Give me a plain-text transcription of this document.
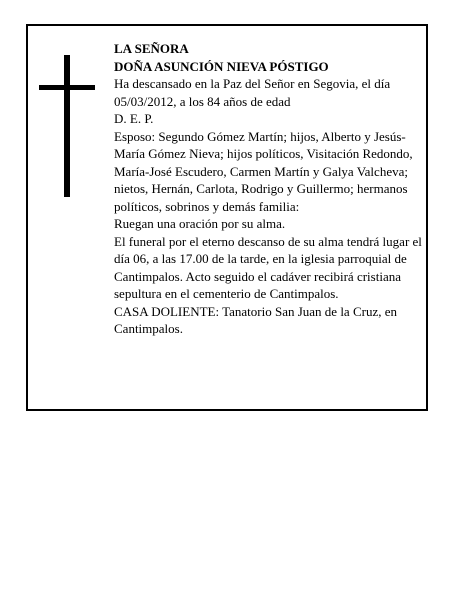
LA SEÑORA

DOÑA ASUNCIÓN NIEVA PÓSTIGO

Ha descansado en la Paz del Señor en Segovia, el día 05/03/2012, a los 84 años de edad

D. E. P.

Esposo: Segundo Gómez Martín; hijos, Alberto y Jesús-María Gómez Nieva; hijos políticos, Visitación Redondo, María-José Escudero, Carmen Martín y Galya Valcheva; nietos, Hernán, Carlota, Rodrigo y Guillermo; hermanos políticos, sobrinos y demás familia:

Ruegan una oración por su alma.

El funeral por el eterno descanso de su alma tendrá lugar el día 06, a las 17.00 de la tarde, en la iglesia parroquial de Cantimpalos. Acto seguido el cadáver recibirá cristiana sepultura en el cementerio de Cantimpalos.

CASA DOLIENTE: Tanatorio San Juan de la Cruz, en Cantimpalos.
